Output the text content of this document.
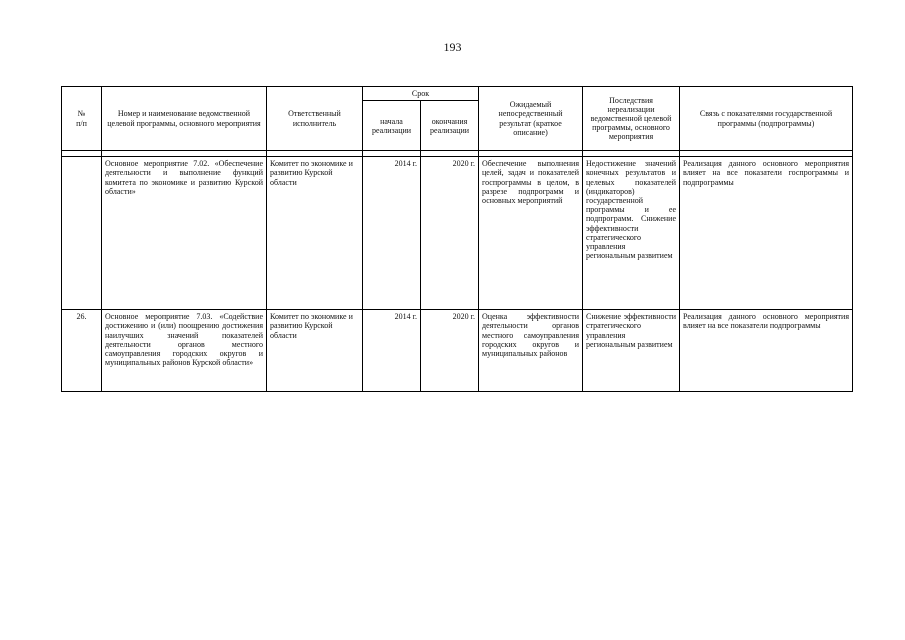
193
№
п/п	Номер и наименование ведомственной целевой программы, основного мероприятия	Ответственный исполнитель	Срок		Ожидаемый непосредственный результат (краткое описание)	Последствия нереализации ведомственной целевой программы, основного мероприятия	Связь с показателями государственной программы (подпрограммы)
			начала реализации	окончания реализации			

	Основное мероприятие 7.02. «Обеспечение деятельности и выполнение функций комитета по экономике и развитию Курской области»	Комитет по экономике и развитию Курской области	2014 г.	2020 г.	Обеспечение выполнения целей, задач и показателей госпрограммы в целом, в разрезе подпрограмм и основных мероприятий	Недостижение значений конечных результатов и целевых показателей (индикаторов) государственной программы и ее подпрограмм. Снижение эффективности стратегического управления региональным развитием	Реализация данного основного мероприятия влияет на все показатели госпрограммы и подпрограммы
26.	Основное мероприятие 7.03. «Содействие достижению и (или) поощрению достижения наилучших значений показателей деятельности органов местного самоуправления городских округов и муниципальных районов Курской области»	Комитет по экономике и развитию Курской области	2014 г.	2020 г.	Оценка эффективности деятельности органов местного самоуправления городских округов и муниципальных районов	Снижение эффективности стратегического управления региональным развитием	Реализация данного основного мероприятия влияет на все показатели подпрограммы
